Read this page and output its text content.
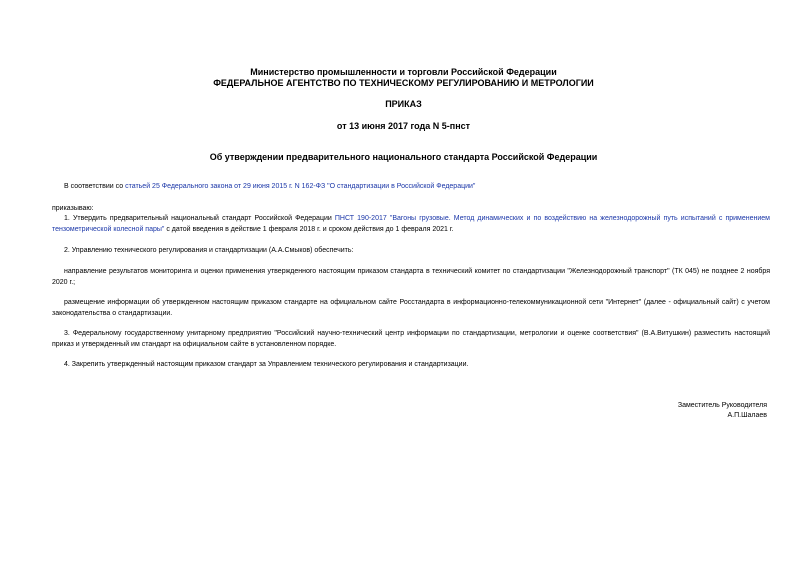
Министерство промышленности и торговли Российской Федерации
ФЕДЕРАЛЬНОЕ АГЕНТСТВО ПО ТЕХНИЧЕСКОМУ РЕГУЛИРОВАНИЮ И МЕТРОЛОГИИ
ПРИКАЗ
от 13 июня 2017 года N 5-пнст
Об утверждении предварительного национального стандарта Российской Федерации
В соответствии со статьей 25 Федерального закона от 29 июня 2015 г. N 162-ФЗ "О стандартизации в Российской Федерации"
приказываю:
1. Утвердить предварительный национальный стандарт Российской Федерации ПНСТ 190-2017 "Вагоны грузовые. Метод динамических и по воздействию на железнодорожный путь испытаний с применением тензометрической колесной пары" с датой введения в действие 1 февраля 2018 г. и сроком действия до 1 февраля 2021 г.
2. Управлению технического регулирования и стандартизации (А.А.Смыков) обеспечить:
направление результатов мониторинга и оценки применения утвержденного настоящим приказом стандарта в технический комитет по стандартизации "Железнодорожный транспорт" (ТК 045) не позднее 2 ноября 2020 г.;
размещение информации об утвержденном настоящим приказом стандарте на официальном сайте Росстандарта в информационно-телекоммуникационной сети "Интернет" (далее - официальный сайт) с учетом законодательства о стандартизации.
3. Федеральному государственному унитарному предприятию "Российский научно-технический центр информации по стандартизации, метрологии и оценке соответствия" (В.А.Витушкин) разместить настоящий приказ и утвержденный им стандарт на официальном сайте в установленном порядке.
4. Закрепить утвержденный настоящим приказом стандарт за Управлением технического регулирования и стандартизации.
Заместитель Руководителя
А.П.Шалаев
